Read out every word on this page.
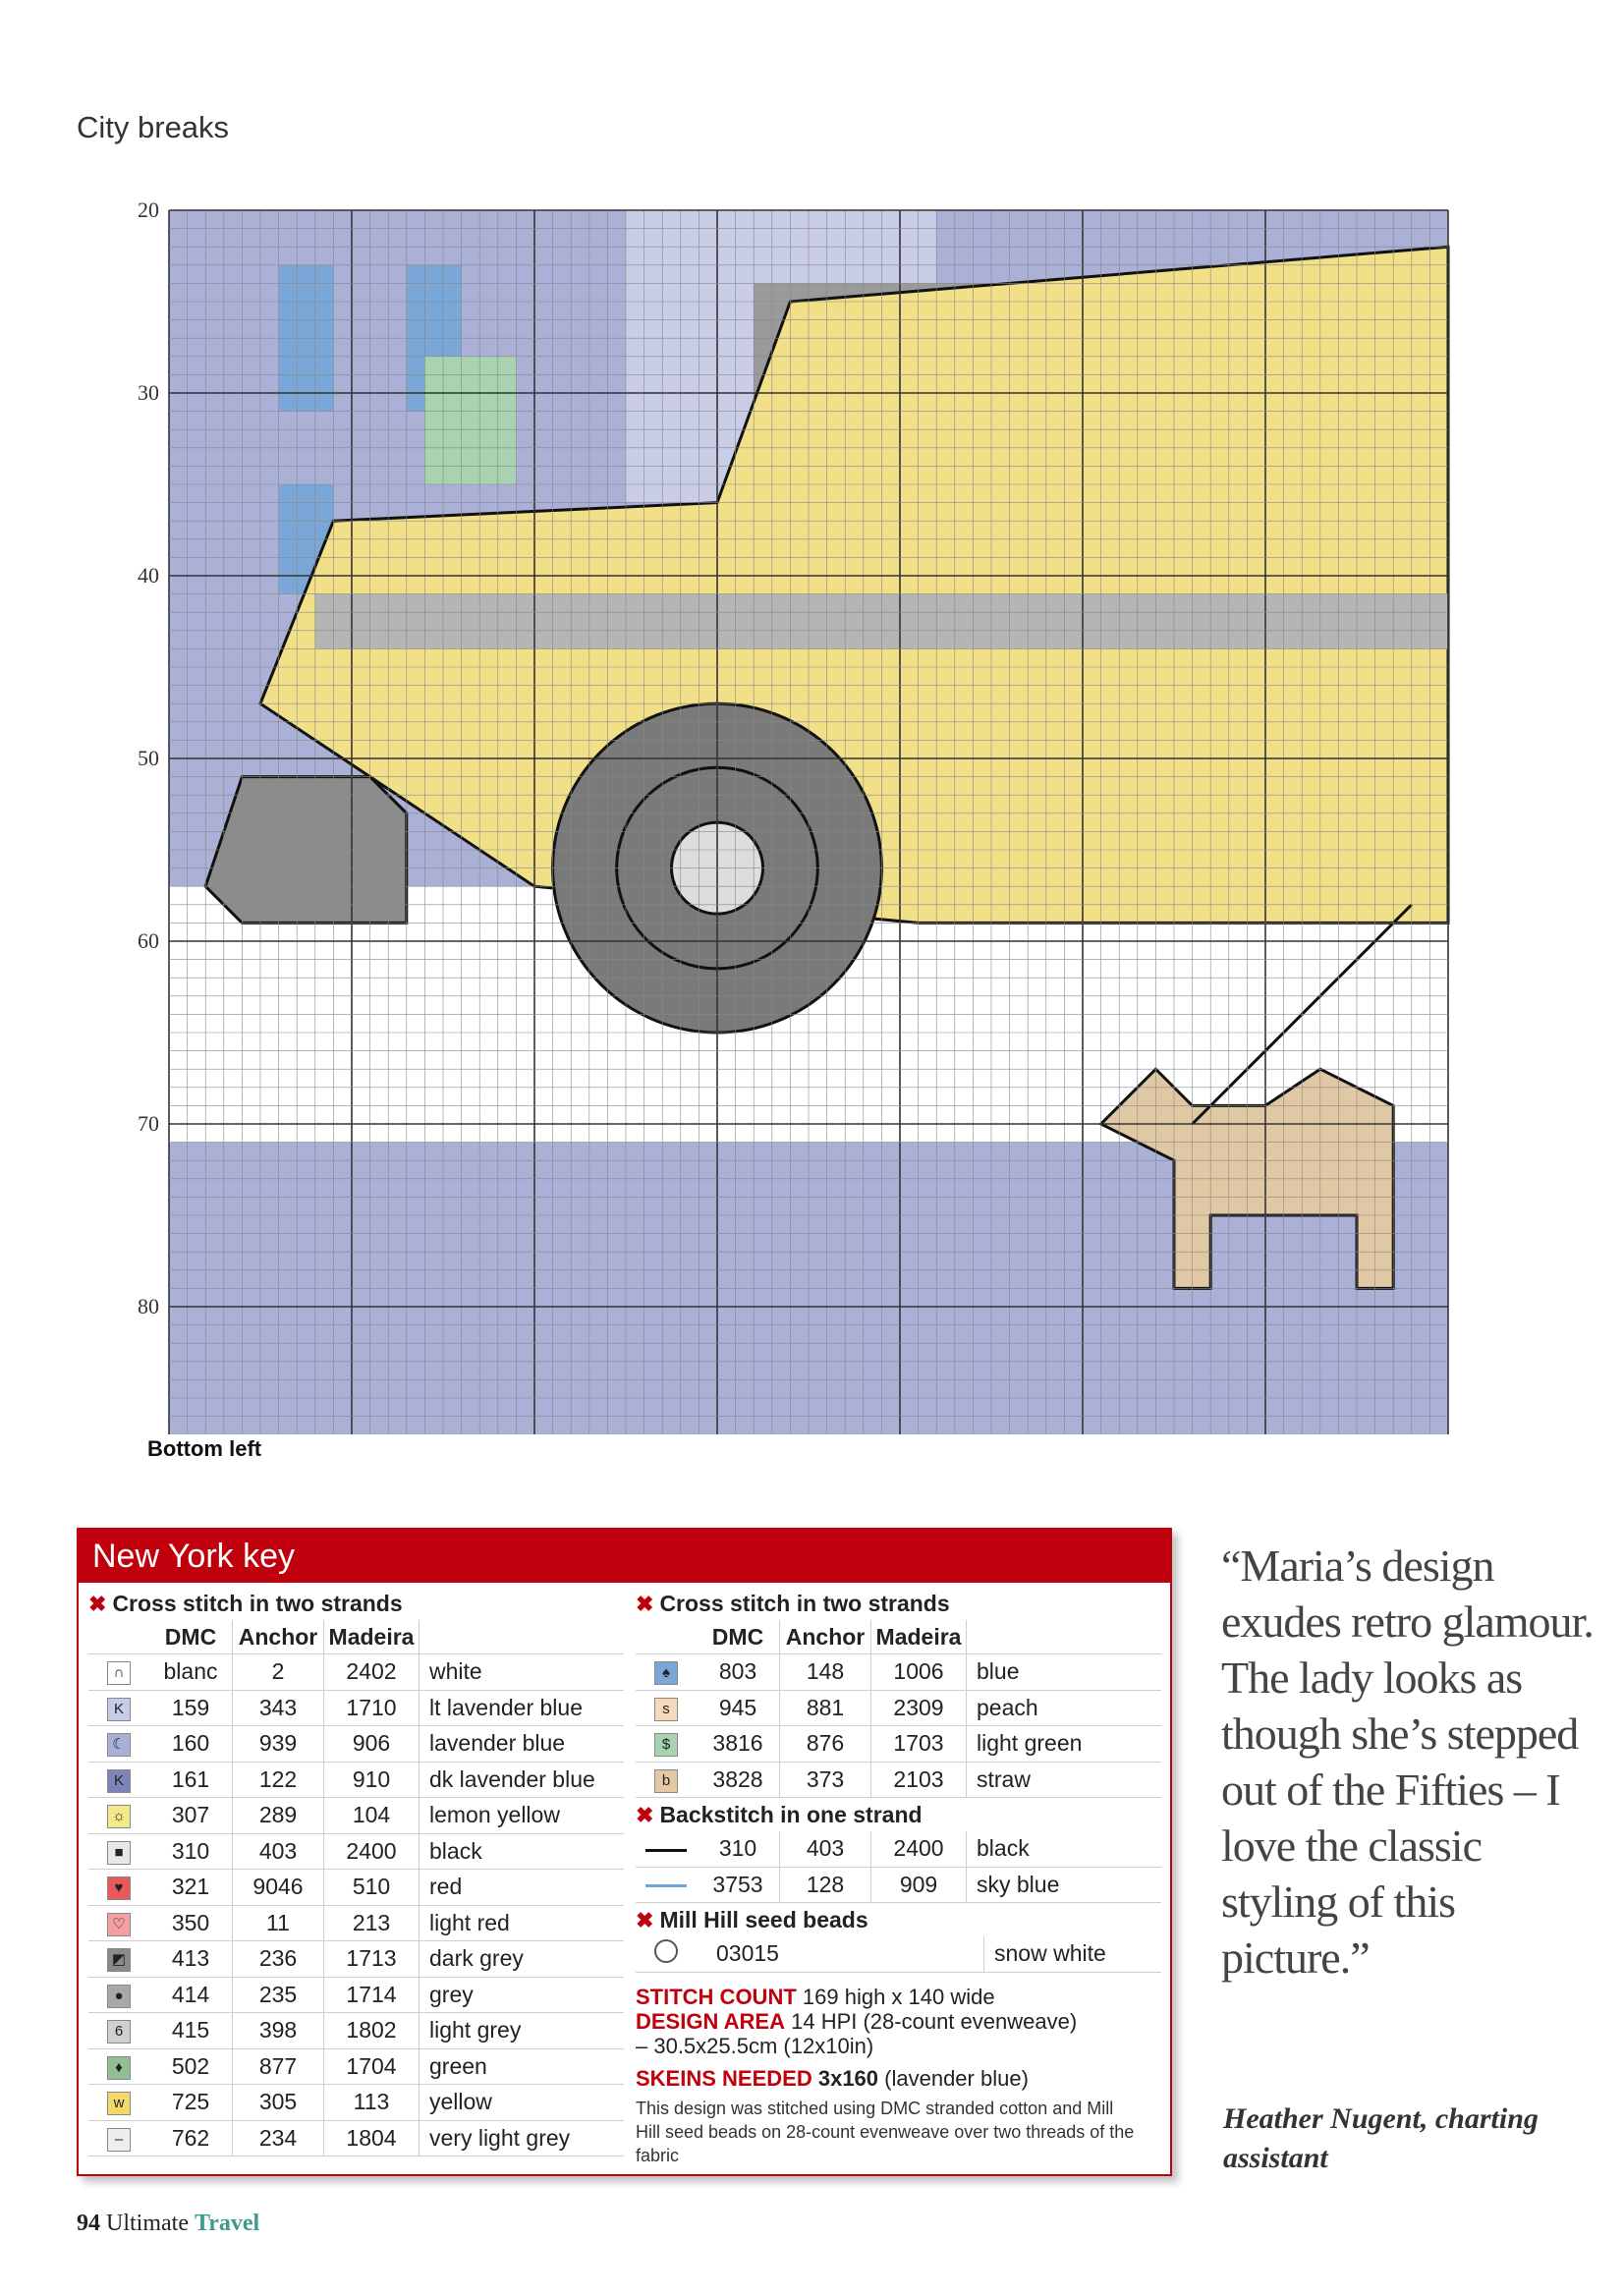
City breaks
20
30
40
50
60
70
80
Bottom left
New York key
✖ Cross stitch in two strands
	DMC	Anchor	Madeira	
∩	blanc	2	2402	white
K	159	343	1710	lt lavender blue
☾	160	939	906	lavender blue
K	161	122	910	dk lavender blue
☼	307	289	104	lemon yellow
■	310	403	2400	black
♥	321	9046	510	red
♡	350	11	213	light red
◩	413	236	1713	dark grey
●	414	235	1714	grey
6	415	398	1802	light grey
♦	502	877	1704	green
w	725	305	113	yellow
–	762	234	1804	very light grey
✖ Cross stitch in two strands
	DMC	Anchor	Madeira	
♠	803	148	1006	blue
s	945	881	2309	peach
$	3816	876	1703	light green
b	3828	373	2103	straw
✖ Backstitch in one strand
	310	403	2400	black
	3753	128	909	sky blue
✖ Mill Hill seed beads
	03015	snow white
STITCH COUNT 169 high x 140 wide
DESIGN AREA 14 HPI (28-count evenweave)
– 30.5x25.5cm (12x10in)
SKEINS NEEDED 3x160 (lavender blue)
This design was stitched using DMC stranded cotton and Mill Hill seed beads on 28-count evenweave over two threads of the fabric
“Maria’s design exudes retro glamour. The lady looks as though she’s stepped out of the Fifties – I love the classic styling of this picture.”
Heather Nugent, charting assistant
94 Ultimate Travel
